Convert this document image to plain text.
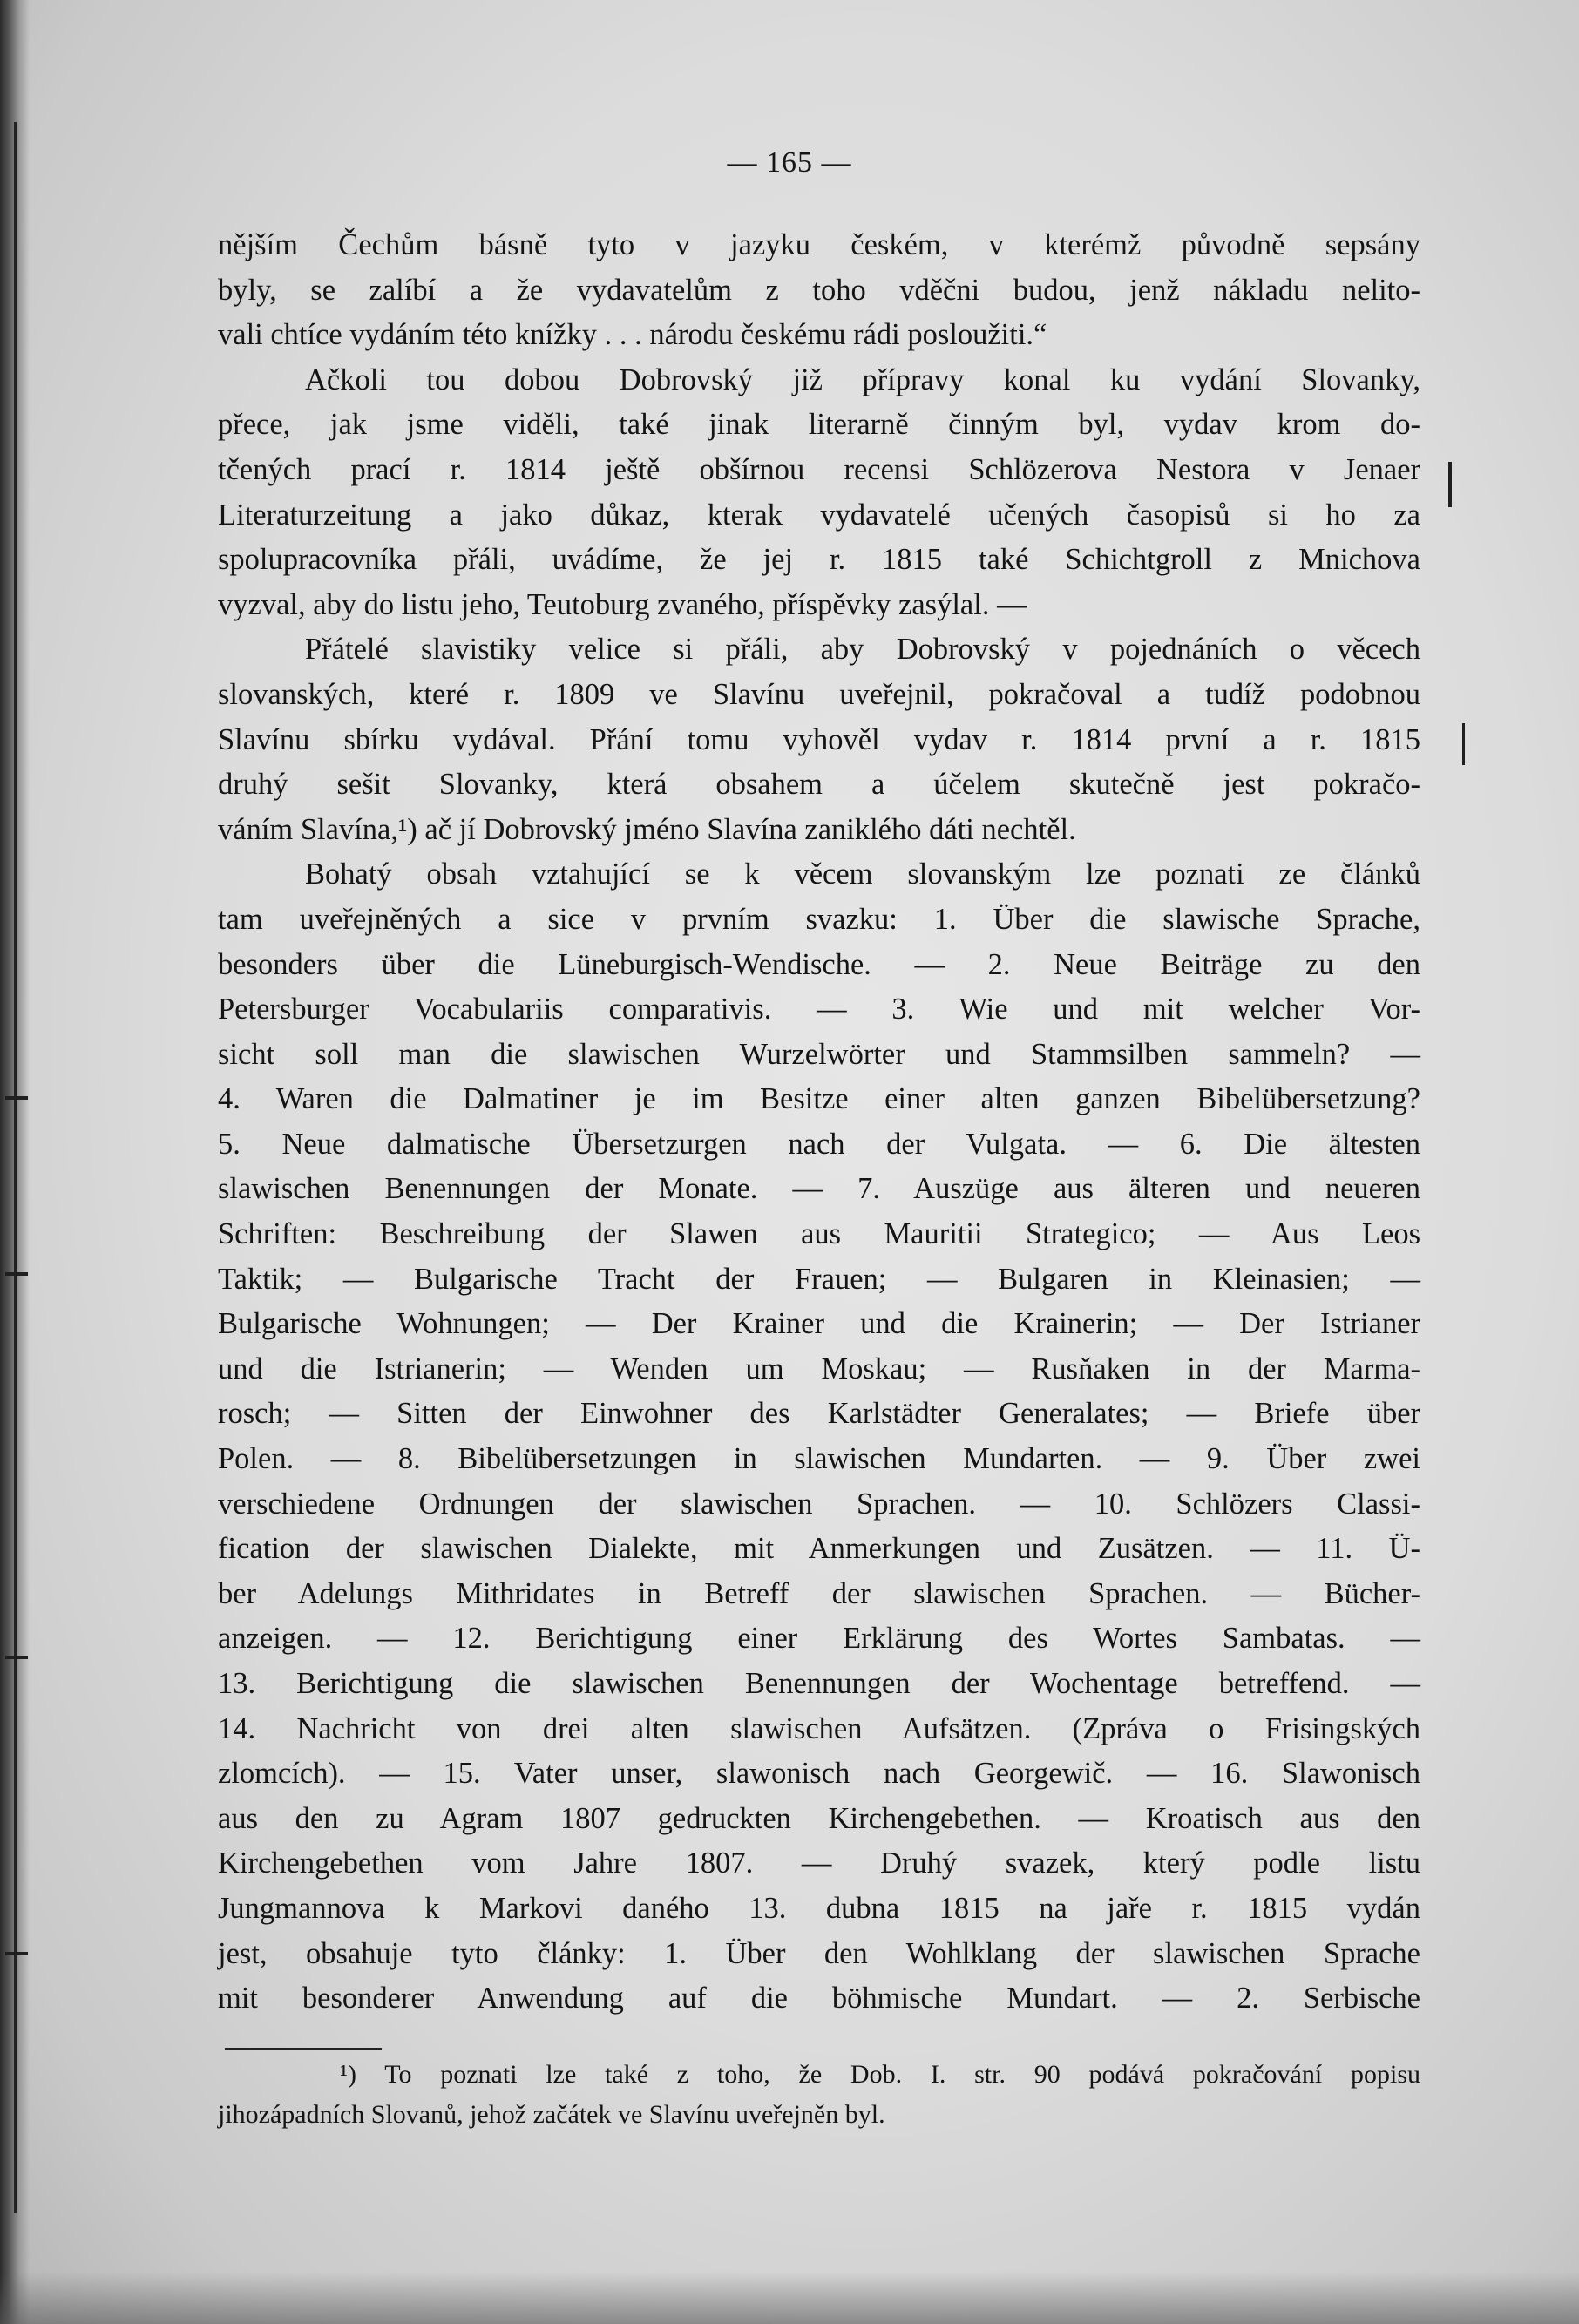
— 165 —
nějším Čechům básně tyto v jazyku českém, v kterémž původně sepsány
byly, se zalíbí a že vydavatelům z toho vděčni budou, jenž nákladu nelito-
vali chtíce vydáním této knížky . . . národu českému rádi posloužiti.“
Ačkoli tou dobou Dobrovský již přípravy konal ku vydání Slovanky,
přece, jak jsme viděli, také jinak literarně činným byl, vydav krom do-
tčených prací r. 1814 ještě obšírnou recensi Schlözerova Nestora v Jenaer
Literaturzeitung a jako důkaz, kterak vydavatelé učených časopisů si ho za
spolupracovníka přáli, uvádíme, že jej r. 1815 také Schichtgroll z Mnichova
vyzval, aby do listu jeho, Teutoburg zvaného, příspěvky zasýlal. —
Přátelé slavistiky velice si přáli, aby Dobrovský v pojednáních o věcech
slovanských, které r. 1809 ve Slavínu uveřejnil, pokračoval a tudíž podobnou
Slavínu sbírku vydával. Přání tomu vyhověl vydav r. 1814 první a r. 1815
druhý sešit Slovanky, která obsahem a účelem skutečně jest pokračo-
váním Slavína,¹) ač jí Dobrovský jméno Slavína zaniklého dáti nechtěl.
Bohatý obsah vztahující se k věcem slovanským lze poznati ze článků
tam uveřejněných a sice v prvním svazku: 1. Über die slawische Sprache,
besonders über die Lüneburgisch-Wendische. — 2. Neue Beiträge zu den
Petersburger Vocabulariis comparativis. — 3. Wie und mit welcher Vor-
sicht soll man die slawischen Wurzelwörter und Stammsilben sammeln? —
4. Waren die Dalmatiner je im Besitze einer alten ganzen Bibelübersetzung?
5. Neue dalmatische Übersetzurgen nach der Vulgata. — 6. Die ältesten
slawischen Benennungen der Monate. — 7. Auszüge aus älteren und neueren
Schriften: Beschreibung der Slawen aus Mauritii Strategico; — Aus Leos
Taktik; — Bulgarische Tracht der Frauen; — Bulgaren in Kleinasien; —
Bulgarische Wohnungen; — Der Krainer und die Krainerin; — Der Istrianer
und die Istrianerin; — Wenden um Moskau; — Rusňaken in der Marma-
rosch; — Sitten der Einwohner des Karlstädter Generalates; — Briefe über
Polen. — 8. Bibelübersetzungen in slawischen Mundarten. — 9. Über zwei
verschiedene Ordnungen der slawischen Sprachen. — 10. Schlözers Classi-
fication der slawischen Dialekte, mit Anmerkungen und Zusätzen. — 11. Ü-
ber Adelungs Mithridates in Betreff der slawischen Sprachen. — Bücher-
anzeigen. — 12. Berichtigung einer Erklärung des Wortes Sambatas. —
13. Berichtigung die slawischen Benennungen der Wochentage betreffend. —
14. Nachricht von drei alten slawischen Aufsätzen. (Zpráva o Frisingských
zlomcích). — 15. Vater unser, slawonisch nach Georgewič. — 16. Slawonisch
aus den zu Agram 1807 gedruckten Kirchengebethen. — Kroatisch aus den
Kirchengebethen vom Jahre 1807. — Druhý svazek, který podle listu
Jungmannova k Markovi daného 13. dubna 1815 na jaře r. 1815 vydán
jest, obsahuje tyto články: 1. Über den Wohlklang der slawischen Sprache
mit besonderer Anwendung auf die böhmische Mundart. — 2. Serbische
¹) To poznati lze také z toho, že Dob. I. str. 90 podává pokračování popisu
jihozápadních Slovanů, jehož začátek ve Slavínu uveřejněn byl.
